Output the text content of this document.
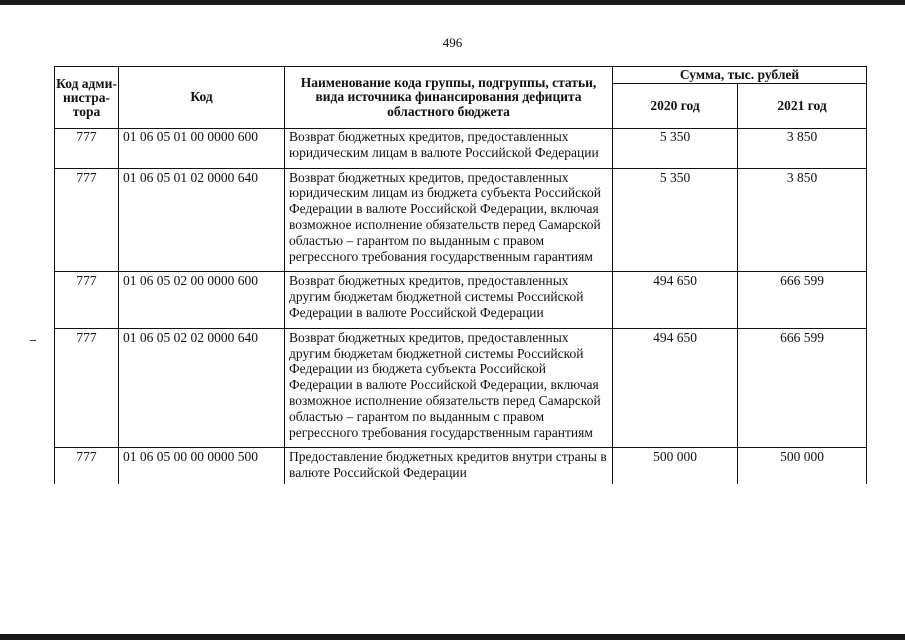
496
Код адми-нистра-тора	Код	Наименование кода группы, подгруппы, статьи, вида источника финансирования дефицита областного бюджета	Сумма, тыс. рублей	
			2020 год	2021 год
777	01 06 05 01 00 0000 600	Возврат бюджетных кредитов, предоставленных юридическим лицам в валюте Российской Федерации	5 350	3 850
777	01 06 05 01 02 0000 640	Возврат бюджетных кредитов, предоставленных юридическим лицам из бюджета субъекта Российской Федерации в валюте Российской Федерации, включая возможное исполнение обязательств перед Самарской областью – гарантом по выданным с правом регрессного требования государственным гарантиям	5 350	3 850
777	01 06 05 02 00 0000 600	Возврат бюджетных кредитов, предоставленных другим бюджетам бюджетной системы Российской Федерации в валюте Российской Федерации	494 650	666 599
777	01 06 05 02 02 0000 640	Возврат бюджетных кредитов, предоставленных другим бюджетам бюджетной системы Российской Федерации из бюджета субъекта Российской Федерации в валюте Российской Федерации, включая возможное исполнение обязательств перед Самарской областью – гарантом по выданным с правом регрессного требования государственным гарантиям	494 650	666 599
777	01 06 05 00 00 0000 500	Предоставление бюджетных кредитов внутри страны в валюте Российской Федерации	500 000	500 000
